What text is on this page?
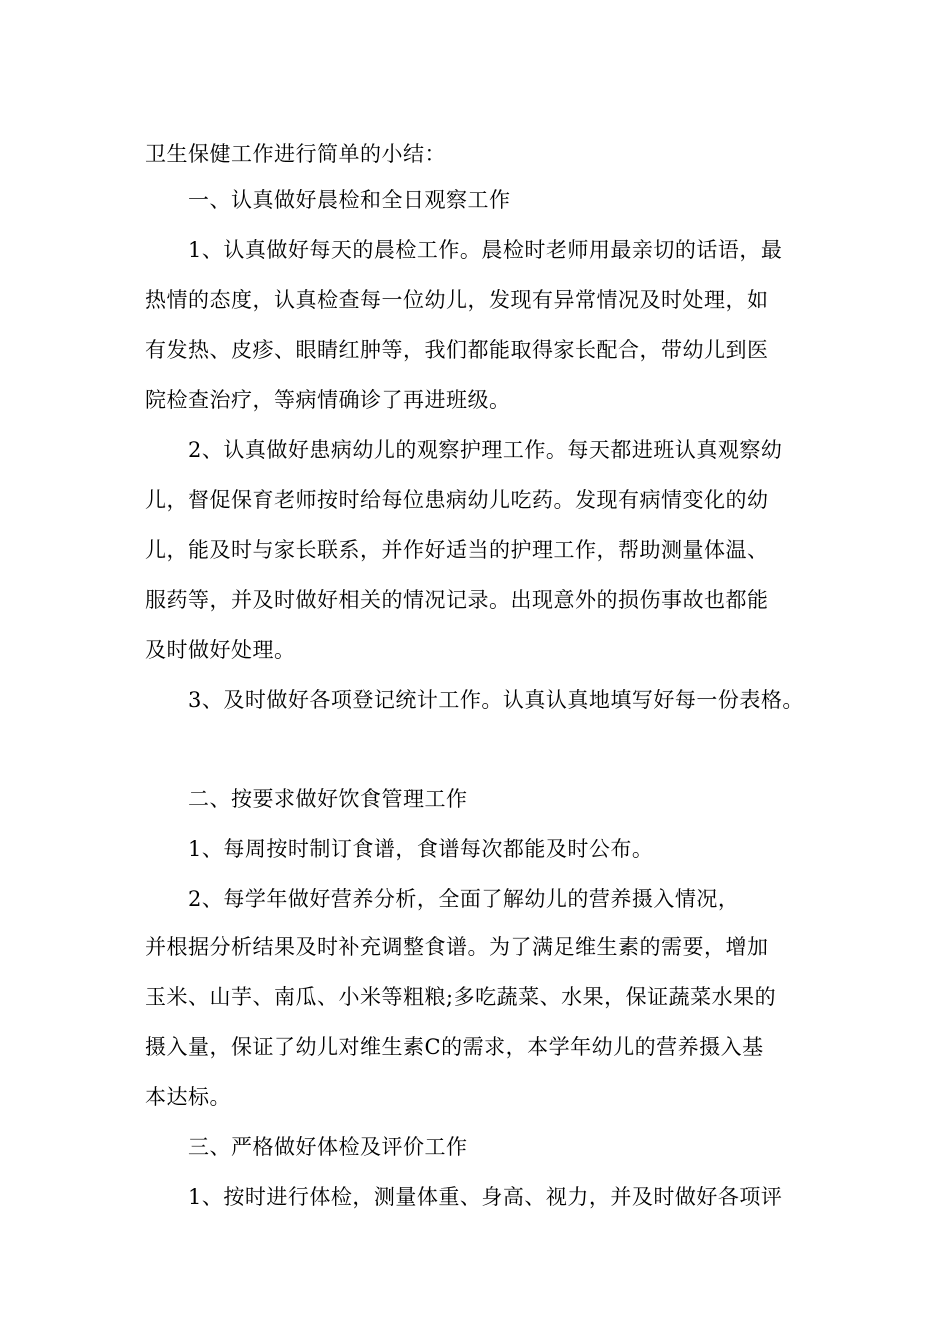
卫生保健工作进行简单的小结：
一、认真做好晨检和全日观察工作
1、认真做好每天的晨检工作。晨检时老师用最亲切的话语，最
热情的态度，认真检查每一位幼儿，发现有异常情况及时处理，如
有发热、皮疹、眼睛红肿等，我们都能取得家长配合，带幼儿到医
院检查治疗，等病情确诊了再进班级。
2、认真做好患病幼儿的观察护理工作。每天都进班认真观察幼
儿，督促保育老师按时给每位患病幼儿吃药。发现有病情变化的幼
儿，能及时与家长联系，并作好适当的护理工作，帮助测量体温、
服药等，并及时做好相关的情况记录。出现意外的损伤事故也都能
及时做好处理。
3、及时做好各项登记统计工作。认真认真地填写好每一份表格。
二、按要求做好饮食管理工作
1、每周按时制订食谱，食谱每次都能及时公布。
2、每学年做好营养分析，全面了解幼儿的营养摄入情况，
并根据分析结果及时补充调整食谱。为了满足维生素的需要，增加
玉米、山芋、南瓜、小米等粗粮;多吃蔬菜、水果，保证蔬菜水果的
摄入量，保证了幼儿对维生素C的需求，本学年幼儿的营养摄入基
本达标。
三、严格做好体检及评价工作
1、按时进行体检，测量体重、身高、视力，并及时做好各项评
